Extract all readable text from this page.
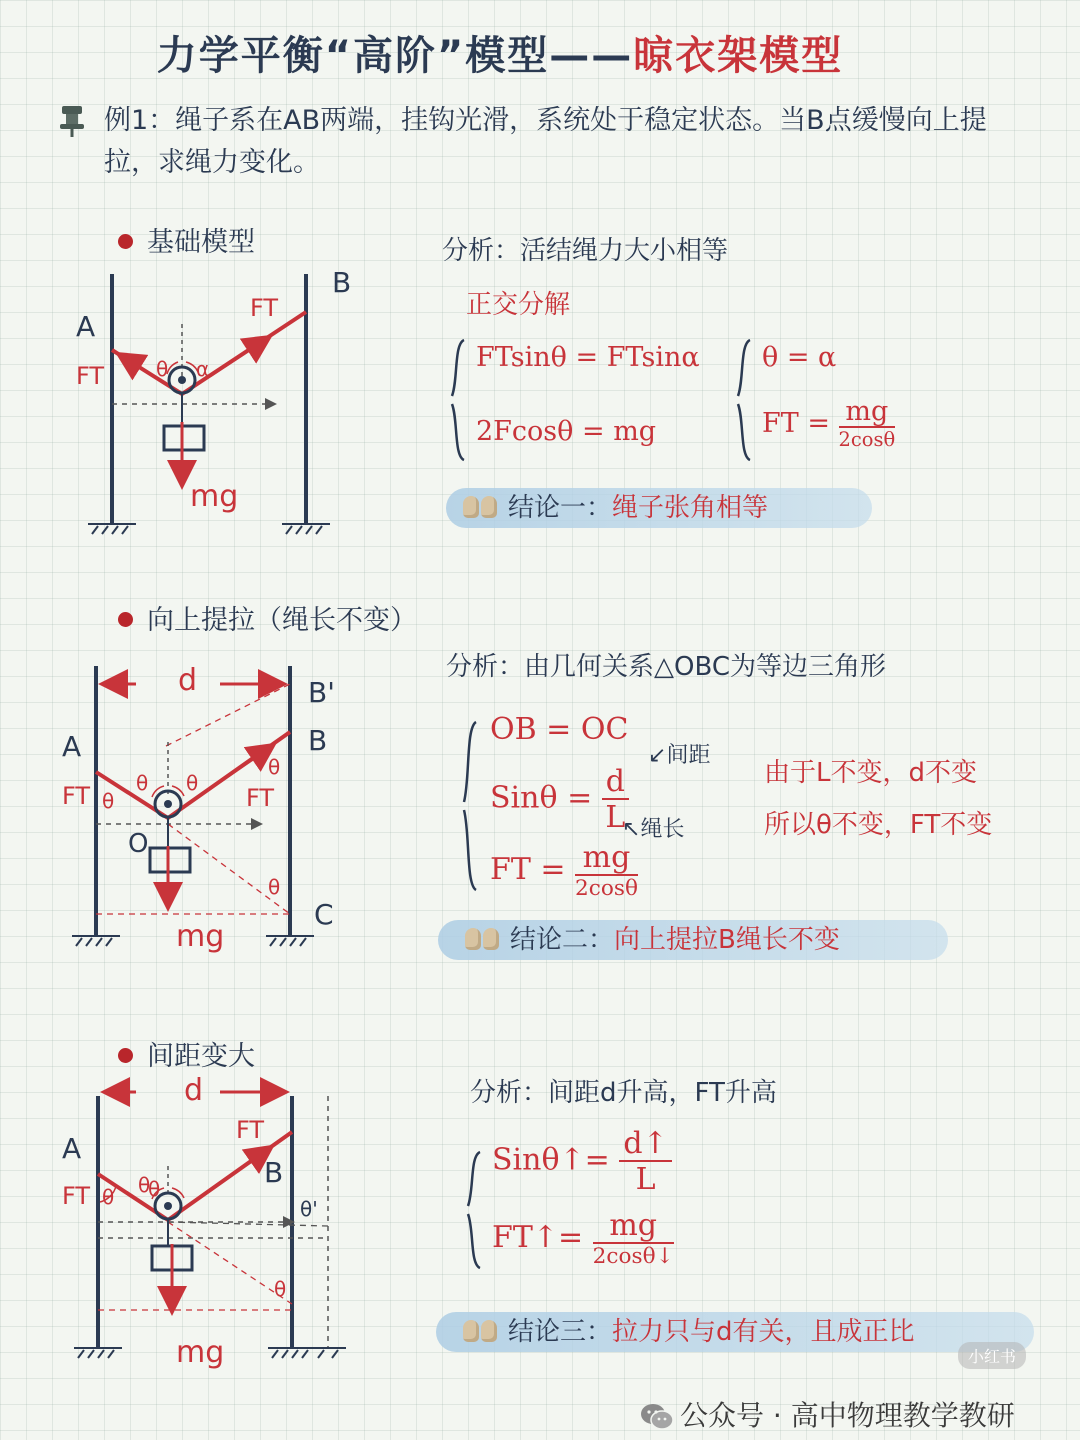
力学平衡“高阶”模型——晾衣架模型
例1：绳子系在AB两端，挂钩光滑，系统处于稳定状态。当B点缓慢向上提拉，求绳力变化。
基础模型
A
B
FT
FT
θ α
mg
分析：活结绳力大小相等
正交分解
FTsinθ = FTsinα
2Fcosθ = mg
θ = α
FT = $\frac{mg}{2\cos\theta}$
结论一：绳子张角相等
向上提拉（绳长不变）
d
A
B'
B
C
O
FT	FT
θ θ
θ
θ
θ
mg
分析：由几何关系△OBC为等边三角形
OB = OC
$Sin\theta = \frac{d}{L}$
↙间距
↖绳长
FT = $\frac{mg}{2\cos\theta}$
由于L不变，d不变
所以θ不变，FT不变
结论二：向上提拉B绳长不变
间距变大
d
A
B
FT
FT
θ θ
θ
θ
θ'
mg
分析：间距d升高，FT升高
Sinθ↑= $\frac{d↑}{L}$
FT↑= $\frac{mg}{2\cos\theta↓}$
结论三：拉力只与d有关，且成正比
小红书
公众号 · 高中物理教学教研
